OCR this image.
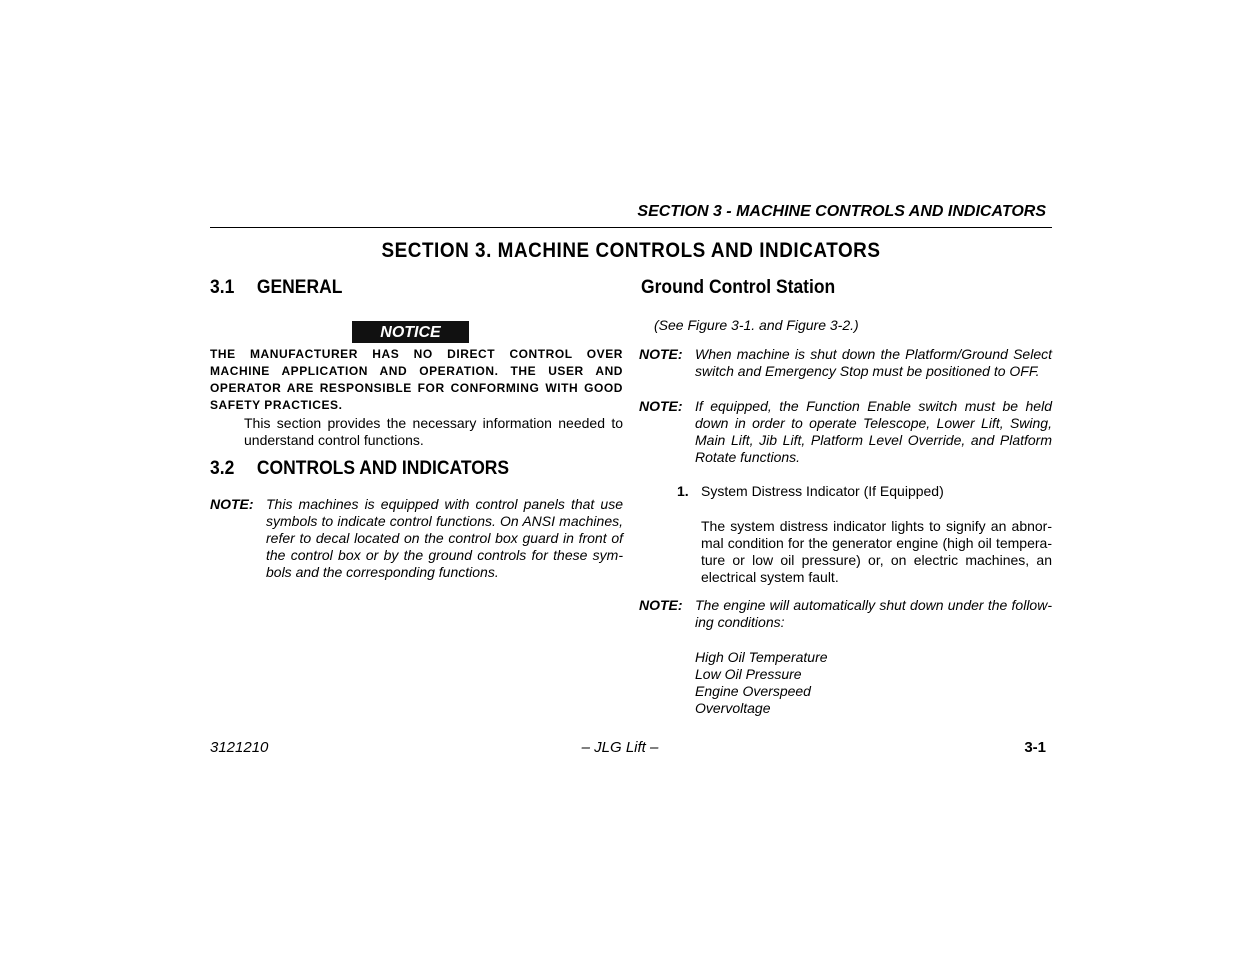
SECTION 3 - MACHINE CONTROLS AND INDICATORS
SECTION 3. MACHINE CONTROLS AND INDICATORS
3.1 GENERAL
NOTICE
THE MANUFACTURER HAS NO DIRECT CONTROL OVER MACHINE APPLICATION AND OPERATION. THE USER AND OPERATOR ARE RESPONSIBLE FOR CONFORMING WITH GOOD SAFETY PRACTICES.
This section provides the necessary information needed to understand control functions.
3.2 CONTROLS AND INDICATORS
NOTE: This machines is equipped with control panels that use symbols to indicate control functions. On ANSI machines, refer to decal located on the control box guard in front of the control box or by the ground controls for these sym-bols and the corresponding functions.
Ground Control Station
(See Figure 3-1. and Figure 3-2.)
NOTE: When machine is shut down the Platform/Ground Select switch and Emergency Stop must be positioned to OFF.
NOTE: If equipped, the Function Enable switch must be held down in order to operate Telescope, Lower Lift, Swing, Main Lift, Jib Lift, Platform Level Override, and Platform Rotate functions.
1. System Distress Indicator (If Equipped)
The system distress indicator lights to signify an abnor-mal condition for the generator engine (high oil tempera-ture or low oil pressure) or, on electric machines, an electrical system fault.
NOTE: The engine will automatically shut down under the follow-ing conditions:
High Oil Temperature
Low Oil Pressure
Engine Overspeed
Overvoltage
3121210	– JLG Lift –	3-1
